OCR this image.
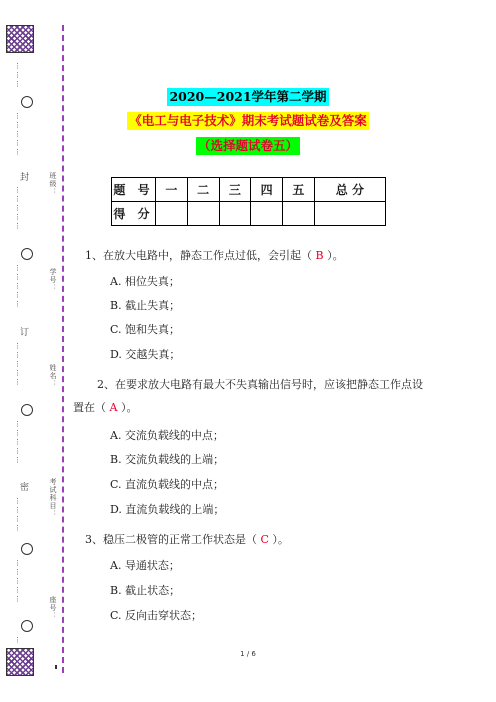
⋮⋮⋮
⋮⋮⋮⋮⋮
封
⋮⋮⋮⋮⋮
⋮⋮⋮⋮⋮
订
⋮⋮⋮⋮⋮
⋮⋮⋮⋮⋮
密
⋮⋮⋮⋮
⋮⋮⋮⋮⋮
⋮
班级：
学号：
姓名：
考试科目：
座号：
2020—2021学年第二学期
《电工与电子技术》期末考试题试卷及答案
（选择题试卷五）
题 号	一	二	三	四	五	总 分
得 分						
1、在放大电路中，静态工作点过低，会引起（ B ）。
A. 相位失真；
B. 截止失真；
C. 饱和失真；
D. 交越失真；
2、在要求放大电路有最大不失真输出信号时，应该把静态工作点设置在（ A ）。
A. 交流负载线的中点；
B. 交流负载线的上端；
C. 直流负载线的中点；
D. 直流负载线的上端；
3、稳压二极管的正常工作状态是（ C ）。
A. 导通状态；
B. 截止状态；
C. 反向击穿状态；
1 / 6
